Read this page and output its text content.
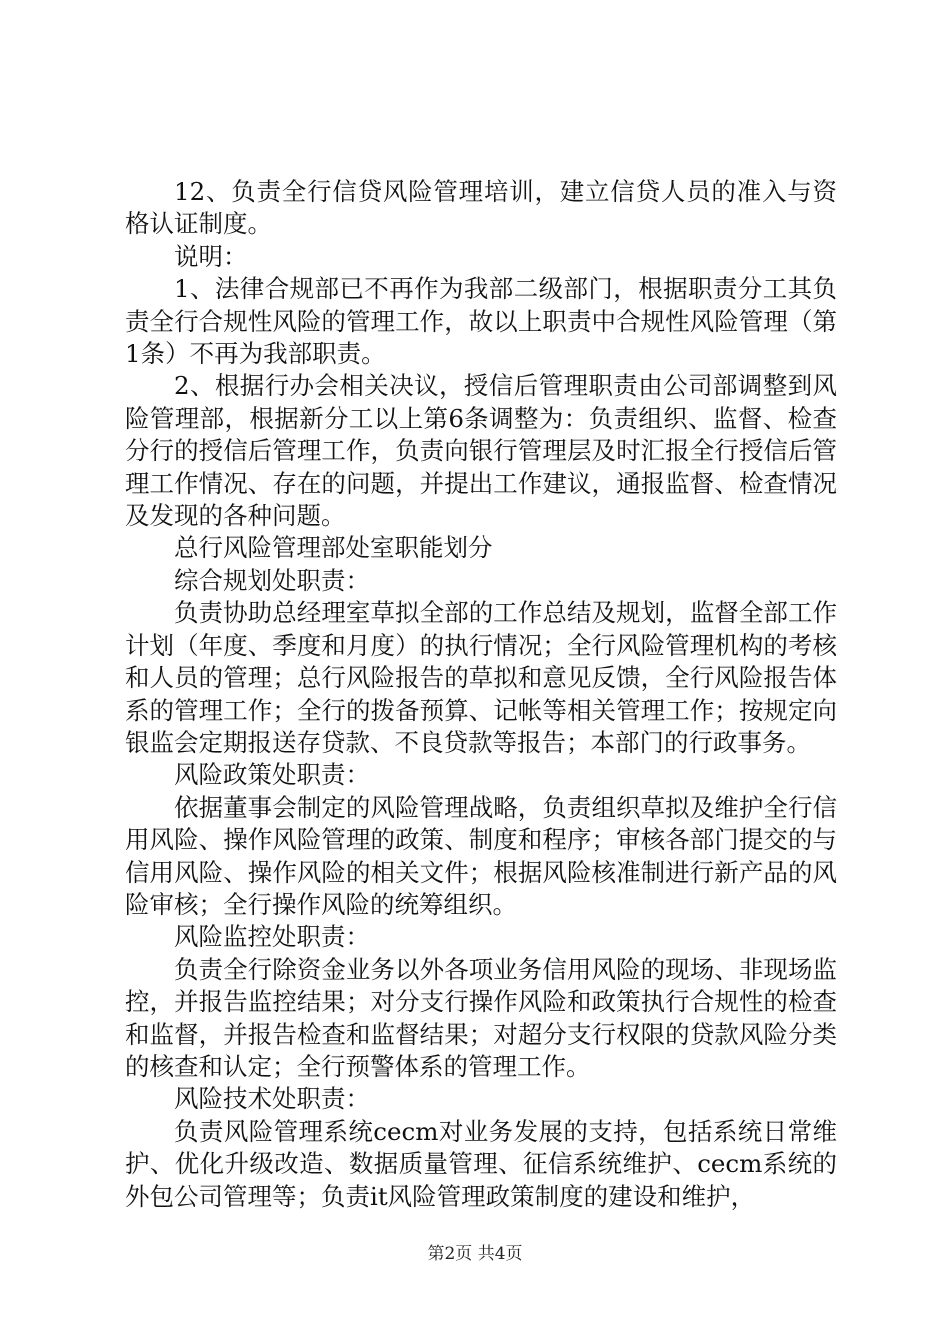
12、负责全行信贷风险管理培训，建立信贷人员的准入与资格认证制度。

说明：

1、法律合规部已不再作为我部二级部门，根据职责分工其负责全行合规性风险的管理工作，故以上职责中合规性风险管理（第1条）不再为我部职责。

2、根据行办会相关决议，授信后管理职责由公司部调整到风险管理部，根据新分工以上第6条调整为：负责组织、监督、检查分行的授信后管理工作，负责向银行管理层及时汇报全行授信后管理工作情况、存在的问题，并提出工作建议，通报监督、检查情况及发现的各种问题。

总行风险管理部处室职能划分

综合规划处职责：

负责协助总经理室草拟全部的工作总结及规划，监督全部工作计划（年度、季度和月度）的执行情况；全行风险管理机构的考核和人员的管理；总行风险报告的草拟和意见反馈，全行风险报告体系的管理工作；全行的拨备预算、记帐等相关管理工作；按规定向银监会定期报送存贷款、不良贷款等报告；本部门的行政事务。

风险政策处职责：

依据董事会制定的风险管理战略，负责组织草拟及维护全行信用风险、操作风险管理的政策、制度和程序；审核各部门提交的与信用风险、操作风险的相关文件；根据风险核准制进行新产品的风险审核；全行操作风险的统筹组织。

风险监控处职责：

负责全行除资金业务以外各项业务信用风险的现场、非现场监控，并报告监控结果；对分支行操作风险和政策执行合规性的检查和监督，并报告检查和监督结果；对超分支行权限的贷款风险分类的核查和认定；全行预警体系的管理工作。

风险技术处职责：

负责风险管理系统cecm对业务发展的支持，包括系统日常维护、优化升级改造、数据质量管理、征信系统维护、cecm系统的外包公司管理等；负责it风险管理政策制度的建设和维护，

第2页 共4页
